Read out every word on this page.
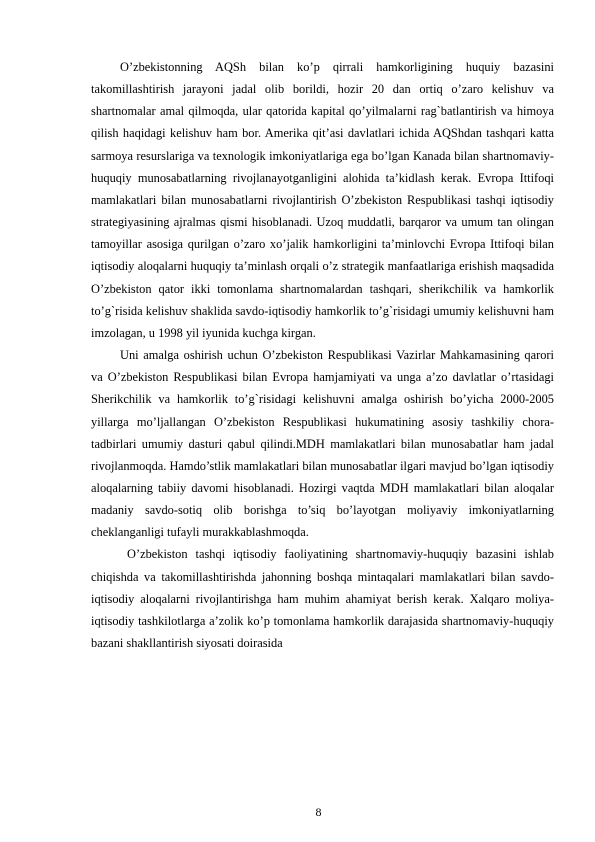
O’zbekistonning AQSh bilan ko’p qirrali hamkorligining huquiy bazasini takomillashtirish jarayoni jadal olib borildi, hozir 20 dan ortiq o’zaro kelishuv va shartnomalar amal qilmoqda, ular qatorida kapital qo’yilmalarni rag`batlantirish va himoya qilish haqidagi kelishuv ham bor. Amerika qit’asi davlatlari ichida AQShdan tashqari katta sarmoya resurslariga va texnologik imkoniyatlariga ega bo’lgan Kanada bilan shartnomaviy-huquqiy munosabatlarning rivojlanayotganligini alohida ta’kidlash kerak. Evropa Ittifoqi mamlakatlari bilan munosabatlarni rivojlantirish O’zbekiston Respublikasi tashqi iqtisodiy strategiyasining ajralmas qismi hisoblanadi. Uzoq muddatli, barqaror va umum tan olingan tamoyillar asosiga qurilgan o’zaro xo’jalik hamkorligini ta’minlovchi Evropa Ittifoqi bilan iqtisodiy aloqalarni huquqiy ta’minlash orqali o’z strategik manfaatlariga erishish maqsadida O’zbekiston qator ikki tomonlama shartnomalardan tashqari, sherikchilik va hamkorlik to’g`risida kelishuv shaklida savdo-iqtisodiy hamkorlik to’g`risidagi umumiy kelishuvni ham imzolagan, u 1998 yil iyunida kuchga kirgan.

Uni amalga oshirish uchun O’zbekiston Respublikasi Vazirlar Mahkamasining qarori va O’zbekiston Respublikasi bilan Evropa hamjamiyati va unga a’zo davlatlar o’rtasidagi Sherikchilik va hamkorlik to’g`risidagi kelishuvni amalga oshirish bo’yicha 2000-2005 yillarga mo’ljallangan O’zbekiston Respublikasi hukumatining asosiy tashkiliy chora-tadbirlari umumiy dasturi qabul qilindi.MDH mamlakatlari bilan munosabatlar ham jadal rivojlanmoqda. Hamdo’stlik mamlakatlari bilan munosabatlar ilgari mavjud bo’lgan iqtisodiy aloqalarning tabiiy davomi hisoblanadi. Hozirgi vaqtda MDH mamlakatlari bilan aloqalar madaniy savdo-sotiq olib borishga to’siq bo’layotgan moliyaviy imkoniyatlarning cheklanganligi tufayli murakkablashmoqda.

O’zbekiston tashqi iqtisodiy faoliyatining shartnomaviy-huquqiy bazasini ishlab chiqishda va takomillashtirishda jahonning boshqa mintaqalari mamlakatlari bilan savdo-iqtisodiy aloqalarni rivojlantirishga ham muhim ahamiyat berish kerak. Xalqaro moliya-iqtisodiy tashkilotlarga a’zolik ko’p tomonlama hamkorlik darajasida shartnomaviy-huquqiy bazani shakllantirish siyosati doirasida

8
